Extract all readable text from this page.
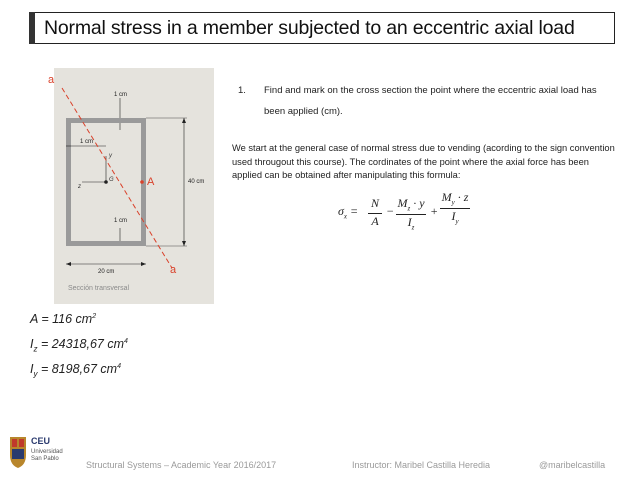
Normal stress in a member subjected to an eccentric axial load
1 cm
1 cm
1 cm
40 cm
20 cm
a
a
A
G
y
z
Sección transversal
A = 116 $cm^2$
$I_z = 24318,67$ $cm^4$
$I_y = 8198,67$ $cm^4$
1. Find and mark on the cross section the point where the eccentric axial load has been applied (cm).
We start at the general case of normal stress due to vending (acording to the sign convention used througout this course). The cordinates of the point where the axial force has been applied can be obtained after manipulating this formula:
$\sigma_x$ =
N
A
−
$M_z \cdot y$
$I_z$
+
$M_y \cdot z$
$I_y$
CEU
Universidad
San Pablo
Structural Systems – Academic Year 2016/2017	Instructor: Maribel Castilla Heredia	@maribelcastilla
